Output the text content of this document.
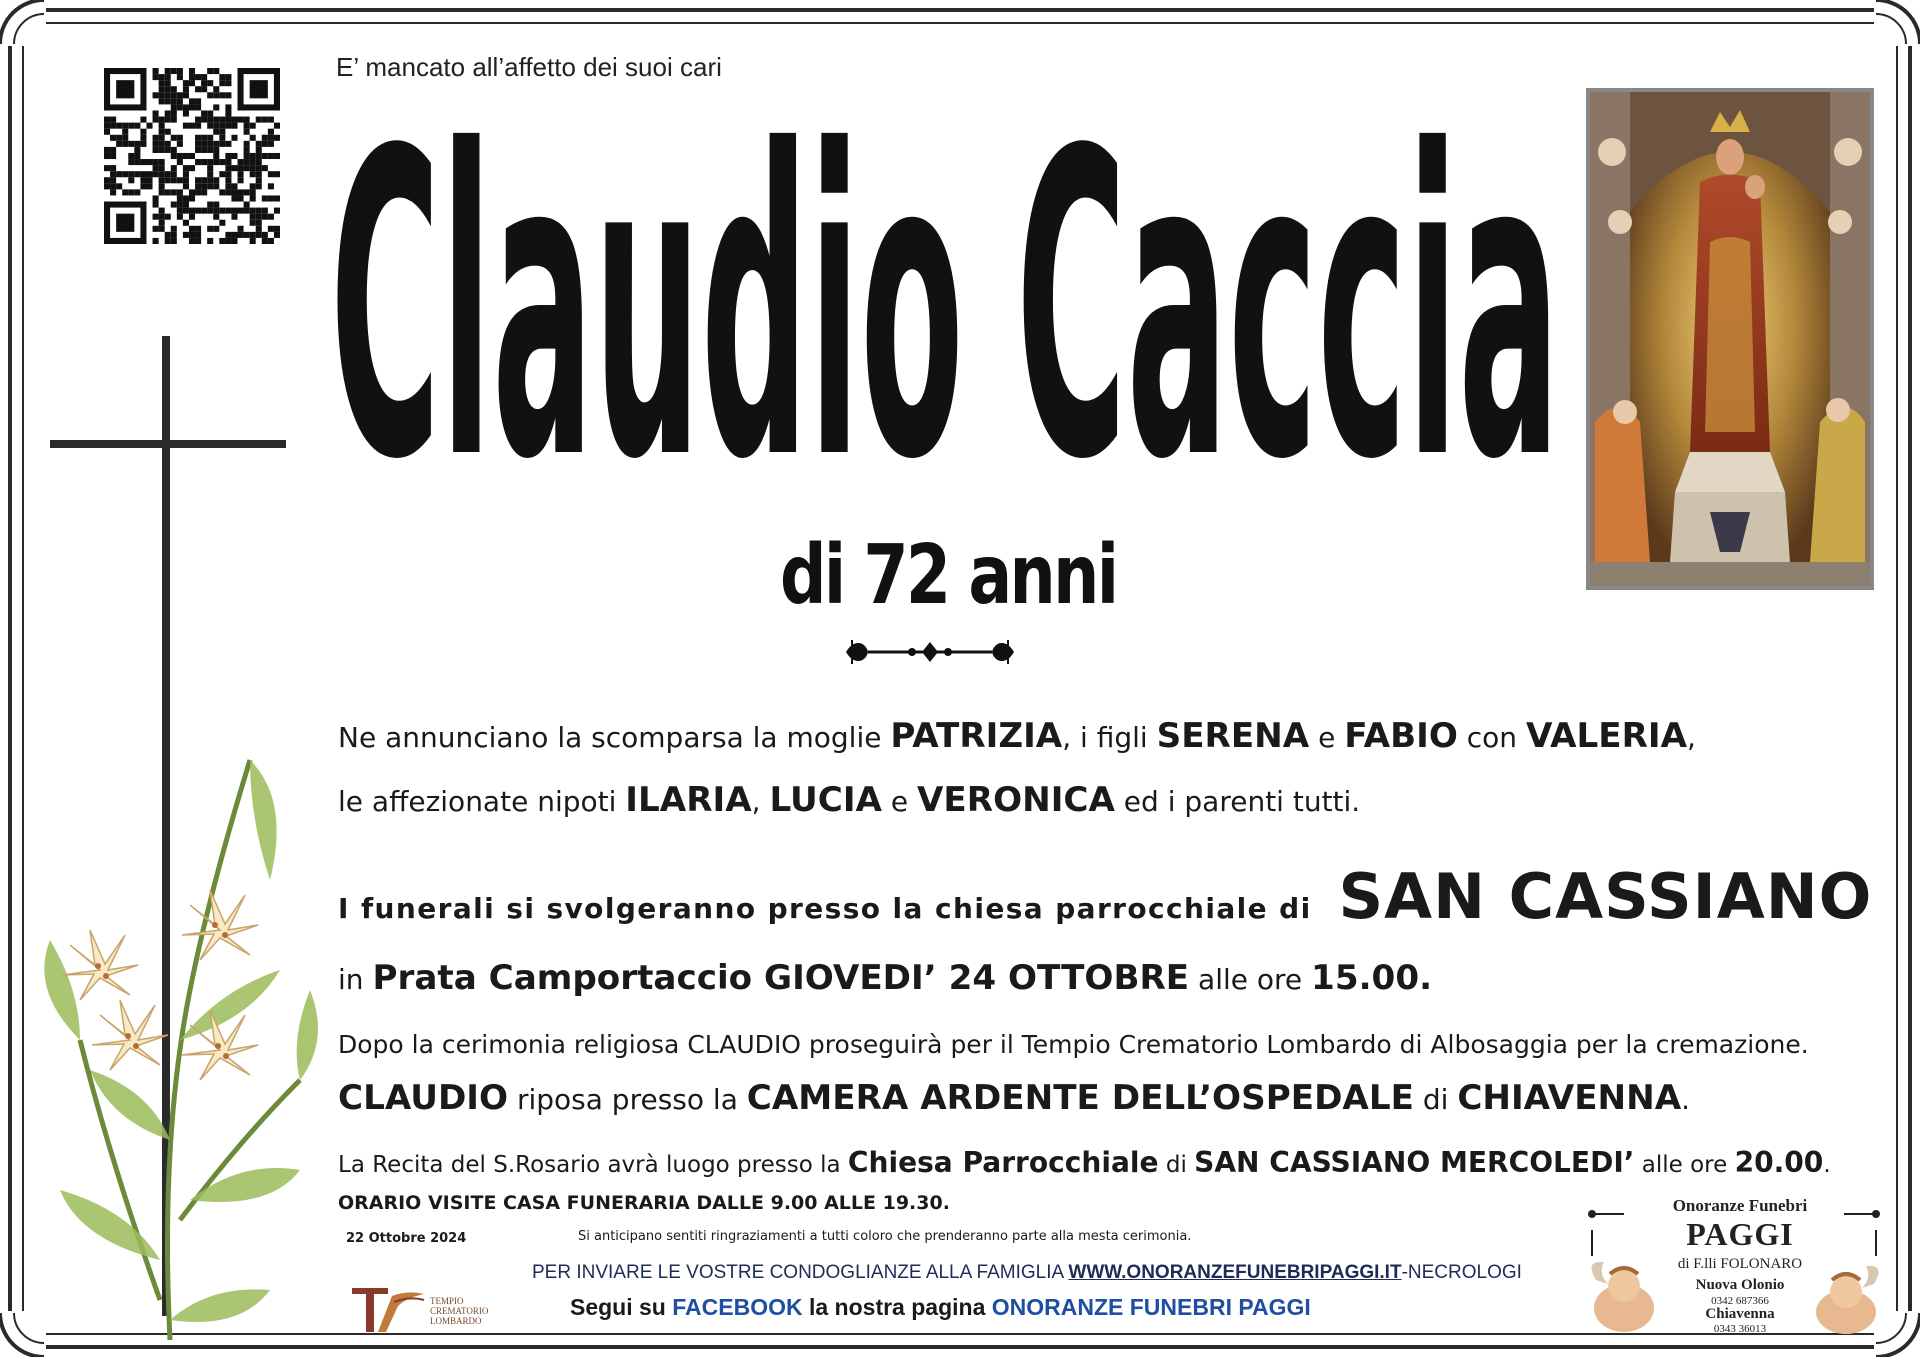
E’ mancato all’affetto dei suoi cari
Claudio Caccia
di 72 anni
Ne annunciano la scomparsa la moglie PATRIZIA, i figli SERENA e FABIO con VALERIA,
le affezionate nipoti ILARIA, LUCIA e VERONICA ed i parenti tutti.
I funerali si svolgeranno presso la chiesa parrocchiale di SAN CASSIANO
in Prata Camportaccio GIOVEDI’ 24 OTTOBRE alle ore 15.00.
Dopo la cerimonia religiosa CLAUDIO proseguirà per il Tempio Crematorio Lombardo di Albosaggia per la cremazione.
CLAUDIO riposa presso la CAMERA ARDENTE DELL’OSPEDALE di CHIAVENNA.
La Recita del S.Rosario avrà luogo presso la Chiesa Parrocchiale di SAN CASSIANO MERCOLEDI’ alle ore 20.00.
ORARIO VISITE CASA FUNERARIA DALLE 9.00 ALLE 19.30.
22 Ottobre 2024	Si anticipano sentiti ringraziamenti a tutti coloro che prenderanno parte alla mesta cerimonia.
PER INVIARE LE VOSTRE CONDOGLIANZE ALLA FAMIGLIA WWW.ONORANZEFUNEBRIPAGGI.IT-NECROLOGI
Segui su FACEBOOK la nostra pagina ONORANZE FUNEBRI PAGGI
TEMPIO
CREMATORIO
LOMBARDO
Onoranze Funebri
PAGGI
di F.lli FOLONARO
Nuova Olonio
0342 687366
Chiavenna
0343 36013
